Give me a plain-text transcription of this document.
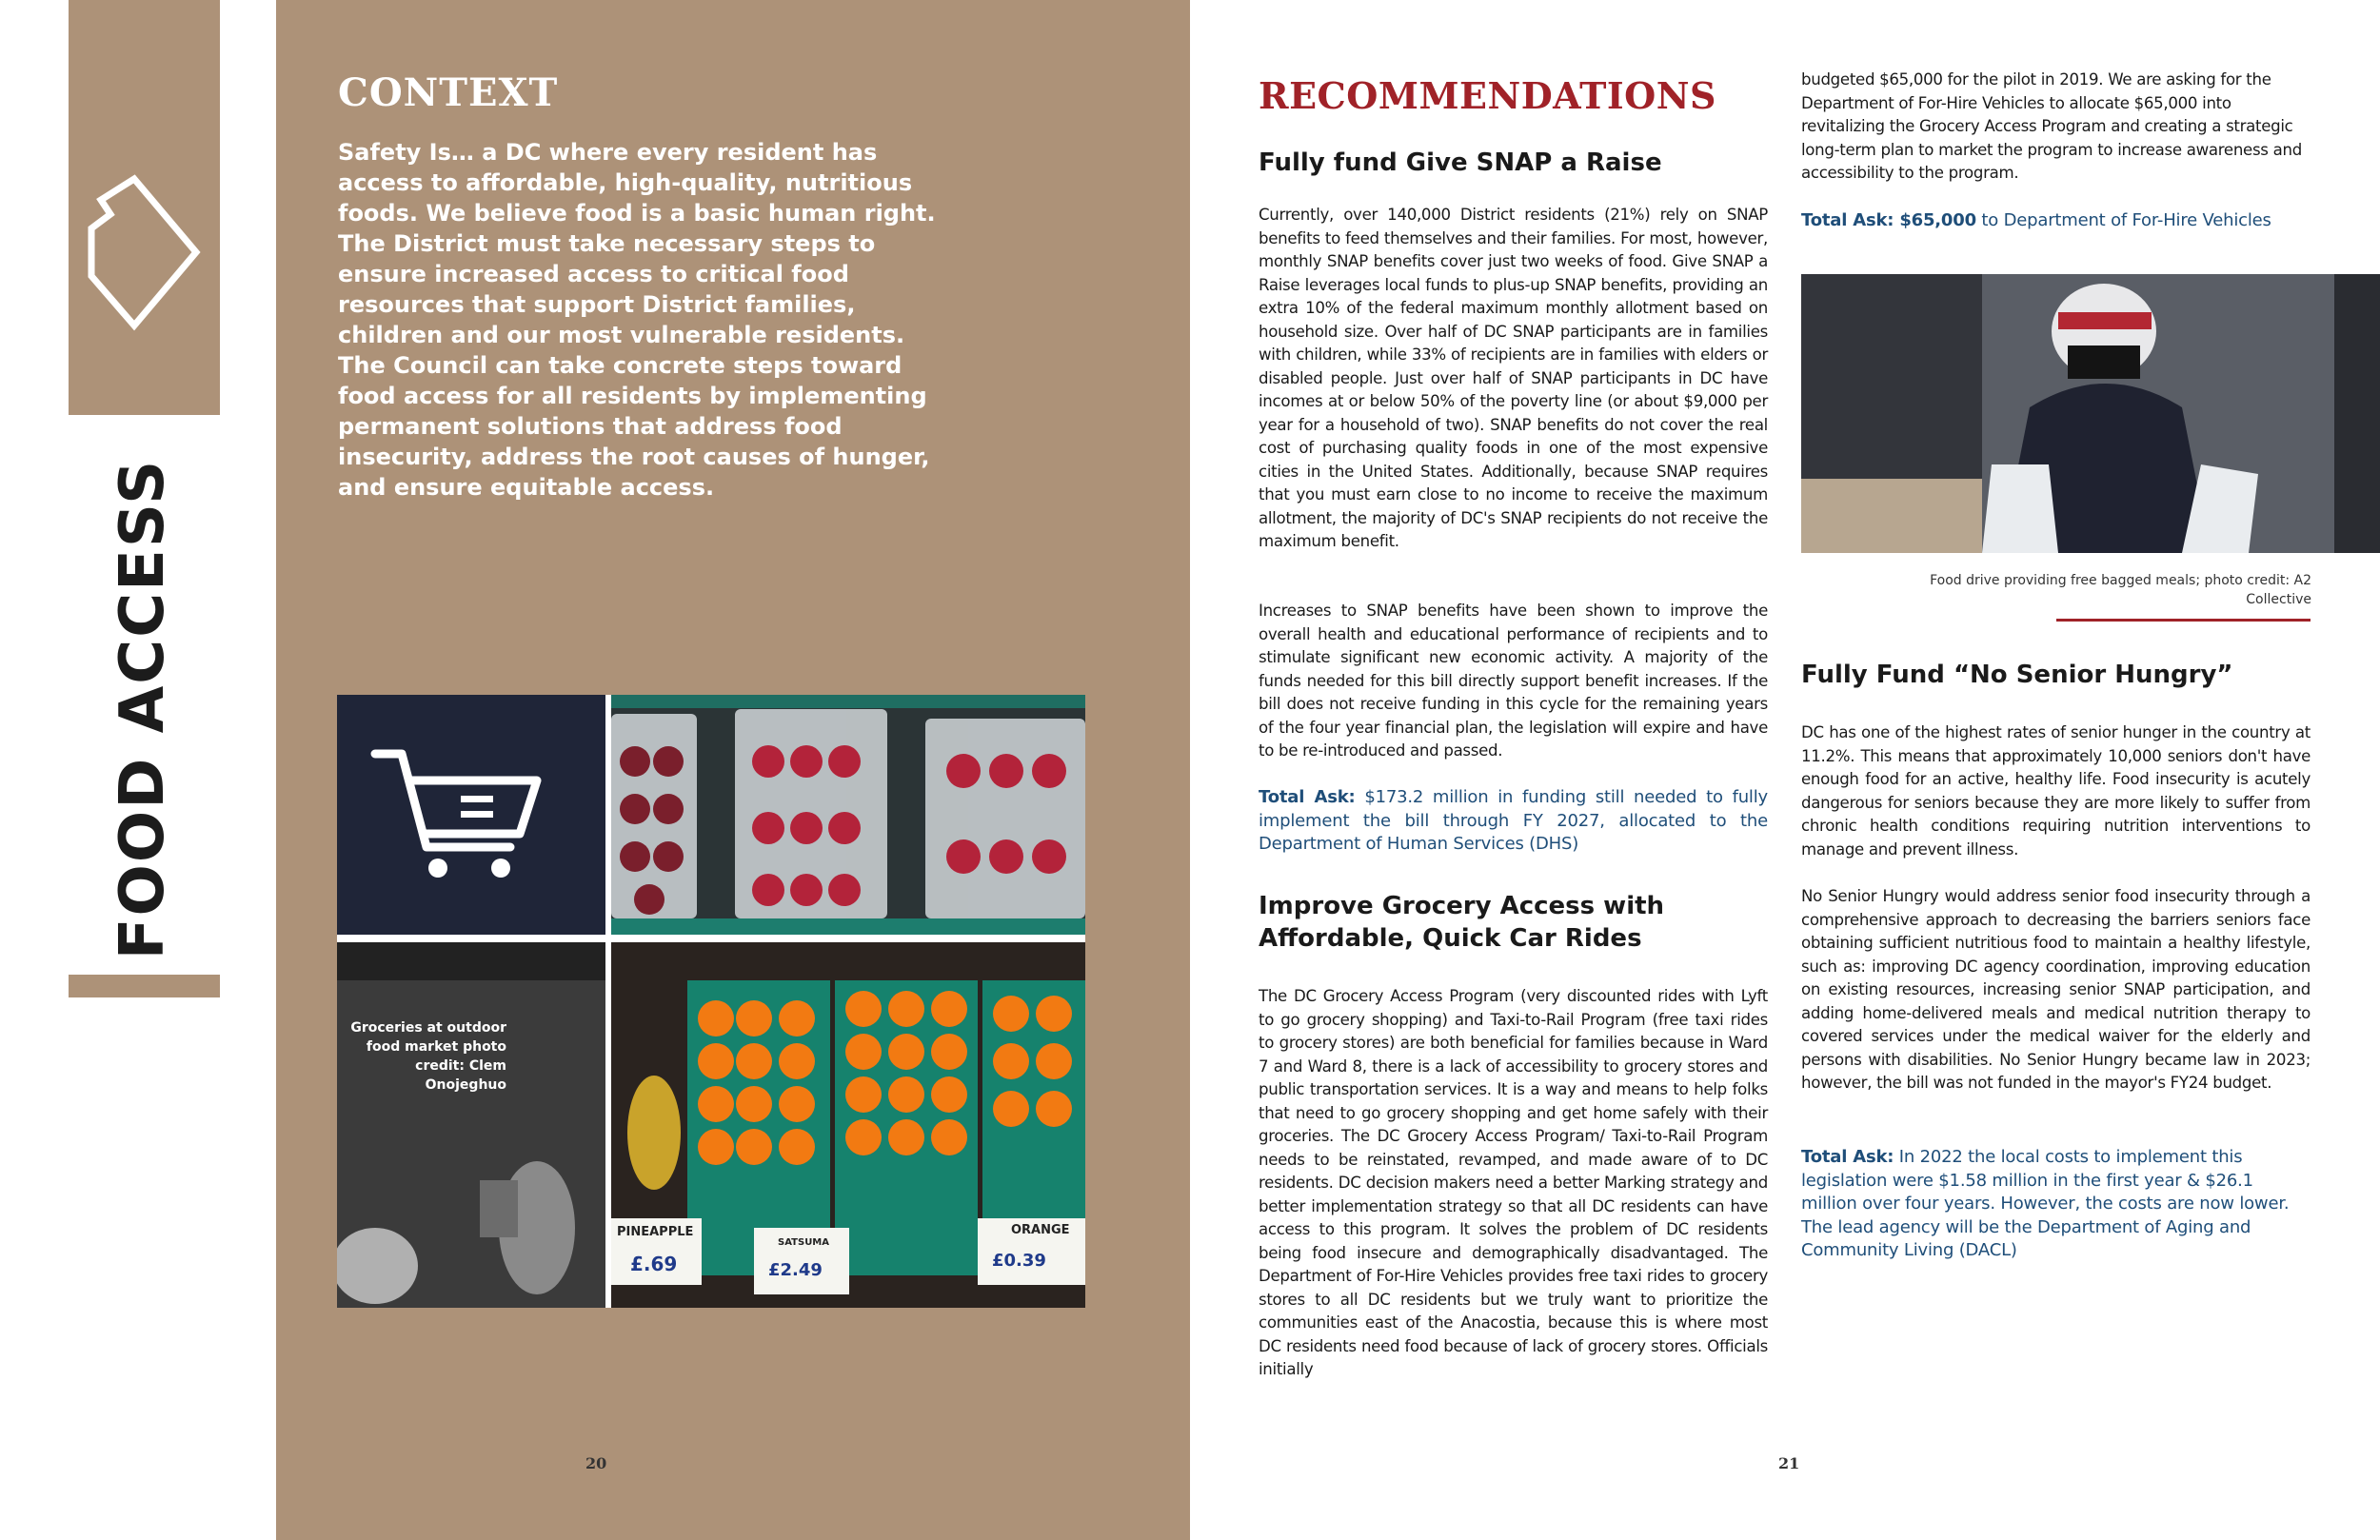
FOOD ACCESS
CONTEXT
Safety Is… a DC where every resident has access to affordable, high-quality, nutritious foods. We believe food is a basic human right. The District must take necessary steps to ensure increased access to critical food resources that support District families, children and our most vulnerable residents. The Council can take concrete steps toward food access for all residents by implementing permanent solutions that address food insecurity, address the root causes of hunger, and ensure equitable access.
Groceries at outdoor food market photo credit: Clem Onojeghuo
PINEAPPLE
£.69
SATSUMA
£2.49
ORANGE
£0.39
20	21
RECOMMENDATIONS
Fully fund Give SNAP a Raise
Currently, over 140,000 District residents (21%) rely on SNAP benefits to feed themselves and their families. For most, however, monthly SNAP benefits cover just two weeks of food. Give SNAP a Raise leverages local funds to plus-up SNAP benefits, providing an extra 10% of the federal maximum monthly allotment based on household size. Over half of DC SNAP participants are in families with children, while 33% of recipients are in families with elders or disabled people. Just over half of SNAP participants in DC have incomes at or below 50% of the poverty line (or about $9,000 per year for a household of two). SNAP benefits do not cover the real cost of purchasing quality foods in one of the most expensive cities in the United States. Additionally, because SNAP requires that you must earn close to no income to receive the maximum allotment, the majority of DC's SNAP recipients do not receive the maximum benefit.
Increases to SNAP benefits have been shown to improve the overall health and educational performance of recipients and to stimulate significant new economic activity. A majority of the funds needed for this bill directly support benefit increases. If the bill does not receive funding in this cycle for the remaining years of the four year financial plan, the legislation will expire and have to be re-introduced and passed.
Total Ask: $173.2 million in funding still needed to fully implement the bill through FY 2027, allocated to the Department of Human Services (DHS)
Improve Grocery Access with Affordable, Quick Car Rides
The DC Grocery Access Program (very discounted rides with Lyft to go grocery shopping) and Taxi-to-Rail Program (free taxi rides to grocery stores) are both beneficial for families because in Ward 7 and Ward 8, there is a lack of accessibility to grocery stores and public transportation services. It is a way and means to help folks that need to go grocery shopping and get home safely with their groceries. The DC Grocery Access Program/ Taxi-to-Rail Program needs to be reinstated, revamped, and made aware of to DC residents. DC decision makers need a better Marking strategy and better implementation strategy so that all DC residents can have access to this program. It solves the problem of DC residents being food insecure and demographically disadvantaged. The Department of For-Hire Vehicles provides free taxi rides to grocery stores to all DC residents but we truly want to prioritize the communities east of the Anacostia, because this is where most DC residents need food because of lack of grocery stores. Officials initially
budgeted $65,000 for the pilot in 2019. We are asking for the Department of For-Hire Vehicles to allocate $65,000 into revitalizing the Grocery Access Program and creating a strategic long-term plan to market the program to increase awareness and accessibility to the program.
Total Ask: $65,000 to Department of For-Hire Vehicles
Food drive providing free bagged meals; photo credit: A2 Collective
Fully Fund “No Senior Hungry”
DC has one of the highest rates of senior hunger in the country at 11.2%. This means that approximately 10,000 seniors don't have enough food for an active, healthy life. Food insecurity is acutely dangerous for seniors because they are more likely to suffer from chronic health conditions requiring nutrition interventions to manage and prevent illness.
No Senior Hungry would address senior food insecurity through a comprehensive approach to decreasing the barriers seniors face obtaining sufficient nutritious food to maintain a healthy lifestyle, such as: improving DC agency coordination, improving education on existing resources, increasing senior SNAP participation, and adding home-delivered meals and medical nutrition therapy to covered services under the medical waiver for the elderly and persons with disabilities. No Senior Hungry became law in 2023; however, the bill was not funded in the mayor's FY24 budget.
Total Ask: In 2022 the local costs to implement this legislation were $1.58 million in the first year & $26.1 million over four years. However, the costs are now lower. The lead agency will be the Department of Aging and Community Living (DACL)
